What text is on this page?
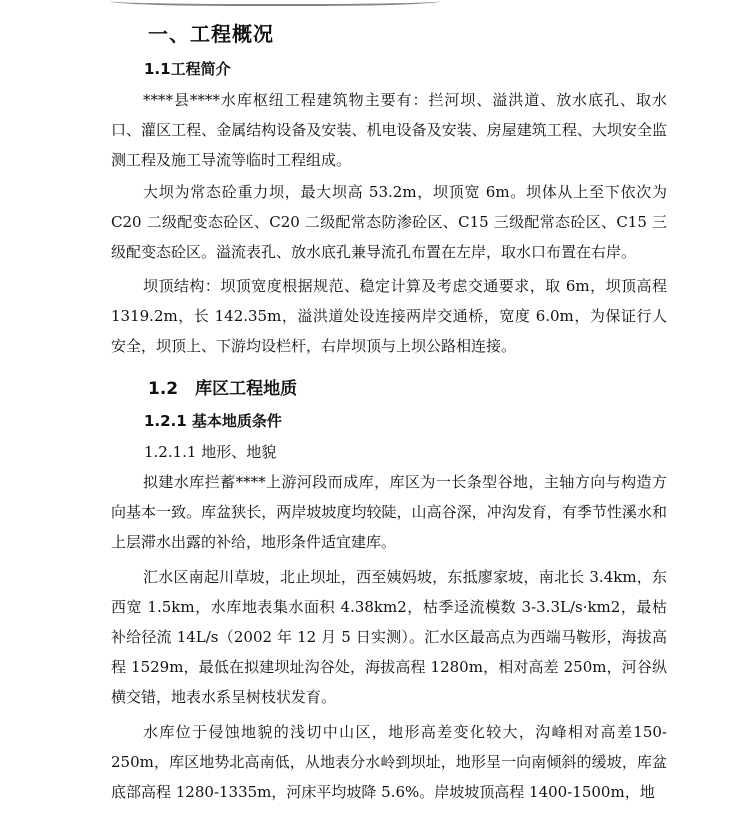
一、工程概况
1.1工程简介

****县****水库枢纽工程建筑物主要有：拦河坝、溢洪道、放水底孔、取水口、灌区工程、金属结构设备及安装、机电设备及安装、房屋建筑工程、大坝安全监测工程及施工导流等临时工程组成。

大坝为常态砼重力坝，最大坝高 53.2m，坝顶宽 6m。坝体从上至下依次为C20 二级配变态砼区、C20 二级配常态防渗砼区、C15 三级配常态砼区、C15 三级配变态砼区。溢流表孔、放水底孔兼导流孔布置在左岸，取水口布置在右岸。

坝顶结构：坝顶宽度根据规范、稳定计算及考虑交通要求，取 6m，坝顶高程 1319.2m，长 142.35m，溢洪道处设连接两岸交通桥，宽度 6.0m，为保证行人安全，坝顶上、下游均设栏杆，右岸坝顶与上坝公路相连接。

1.2　库区工程地质
1.2.1 基本地质条件
1.2.1.1 地形、地貌

拟建水库拦蓄****上游河段而成库，库区为一长条型谷地，主轴方向与构造方向基本一致。库盆狭长，两岸坡坡度均较陡，山高谷深，冲沟发育，有季节性溪水和上层滞水出露的补给，地形条件适宜建库。

汇水区南起川草坡，北止坝址，西至姨妈坡，东抵廖家坡，南北长 3.4km，东西宽 1.5km，水库地表集水面积 4.38km2，枯季迳流模数 3-3.3L/s·km2，最枯补给径流 14L/s（2002 年 12 月 5 日实测）。汇水区最高点为西端马鞍形，海拔高程 1529m，最低在拟建坝址沟谷处，海拔高程 1280m，相对高差 250m，河谷纵横交错，地表水系呈树枝状发育。

水库位于侵蚀地貌的浅切中山区，地形高差变化较大，沟峰相对高差150-250m，库区地势北高南低，从地表分水岭到坝址，地形呈一向南倾斜的缓坡，库盆底部高程 1280-1335m，河床平均坡降 5.6%。岸坡坡顶高程 1400-1500m，地
